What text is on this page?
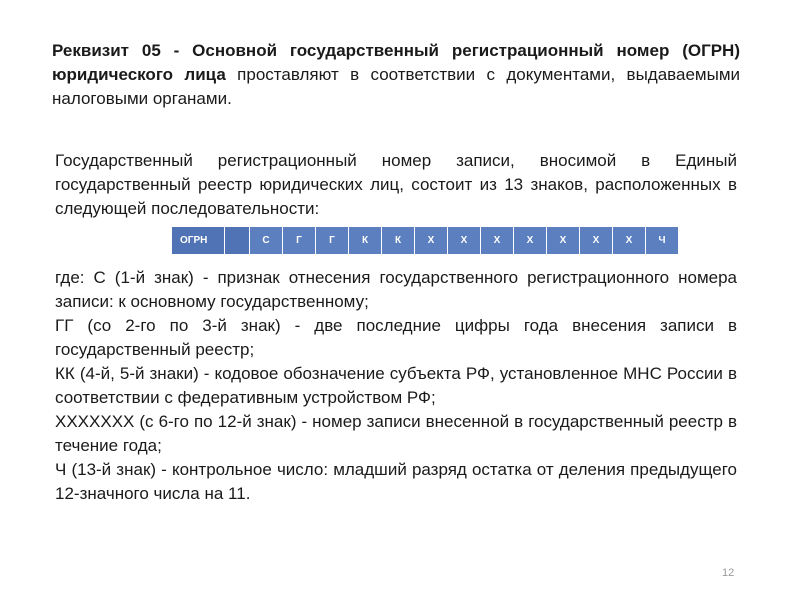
Реквизит 05 - Основной государственный регистрационный номер (ОГРН) юридического лица проставляют в соответствии с документами, выдаваемыми налоговыми органами.
Государственный регистрационный номер записи, вносимой в Единый государственный реестр юридических лиц, состоит из 13 знаков, расположенных в следующей последовательности:
ОГРН		С	Г	Г	К	К	Х	Х	Х	Х	Х	Х	Х	Ч

где: С (1-й знак) - признак отнесения государственного регистрационного номера записи: к основному государственному;

ГГ (со 2-го по 3-й знак) - две последние цифры года внесения записи в государственный реестр;

КК (4-й, 5-й знаки) - кодовое обозначение субъекта РФ, установленное МНС России в соответствии с федеративным устройством РФ;

ХХХХХХХ (с 6-го по 12-й знак) - номер записи внесенной в государственный реестр в течение года;

Ч (13-й знак) - контрольное число: младший разряд остатка от деления предыдущего 12-значного числа на 11.

12
